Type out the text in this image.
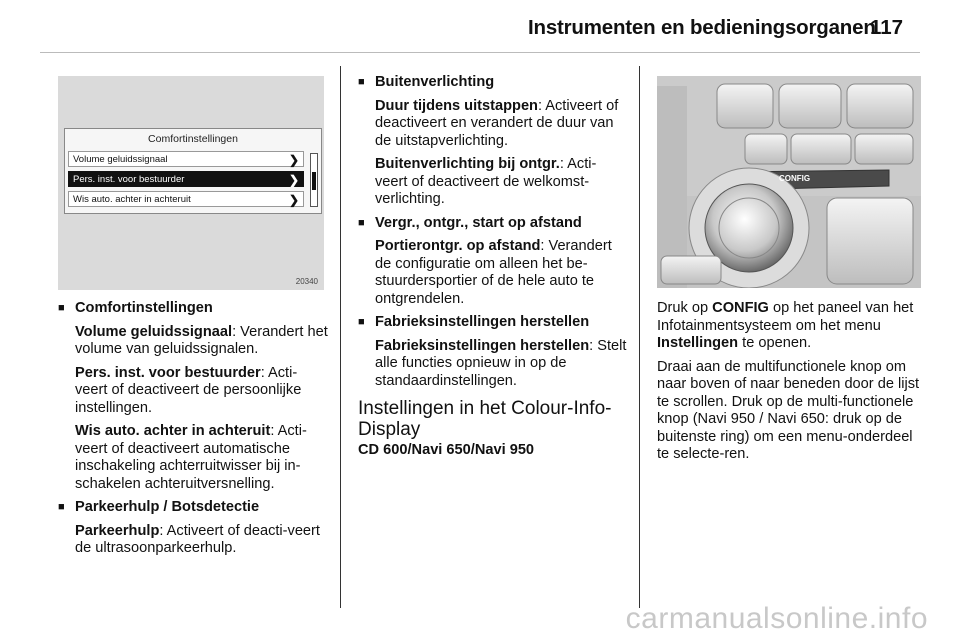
Instrumenten en bedieningsorganen
117
Comfortinstellingen
Volume geluidssignaal	❯
Pers. inst. voor bestuurder	❯
Wis auto. achter in achteruit	❯
20340
CONFIG
■ Comfortinstellingen

Volume geluidssignaal: Verandert het volume van geluidssignalen.

Pers. inst. voor bestuurder: Acti-veert of deactiveert de persoonlijke instellingen.

Wis auto. achter in achteruit: Acti-veert of deactiveert automatische inschakeling achterruitwisser bij in-schakelen achteruitversnelling.

■ Parkeerhulp / Botsdetectie

Parkeerhulp: Activeert of deacti-veert de ultrasoonparkeerhulp.

■ Buitenverlichting

Duur tijdens uitstappen: Activeert of deactiveert en verandert de duur van de uitstapverlichting.

Buitenverlichting bij ontgr.: Acti-veert of deactiveert de welkomst-verlichting.

■ Vergr., ontgr., start op afstand

Portierontgr. op afstand: Verandert de configuratie om alleen het be-stuurdersportier of de hele auto te ontgrendelen.

■ Fabrieksinstellingen herstellen

Fabrieksinstellingen herstellen: Stelt alle functies opnieuw in op de standaardinstellingen.

Instellingen in het Colour-Info-Display
CD 600/Navi 650/Navi 950

Druk op CONFIG op het paneel van het Infotainmentsysteem om het menu Instellingen te openen.

Draai aan de multifunctionele knop om naar boven of naar beneden door de lijst te scrollen. Druk op de multi-functionele knop (Navi 950 / Navi 650: druk op de buitenste ring) om een menu-onderdeel te selecte-ren.

carmanualsonline.info
